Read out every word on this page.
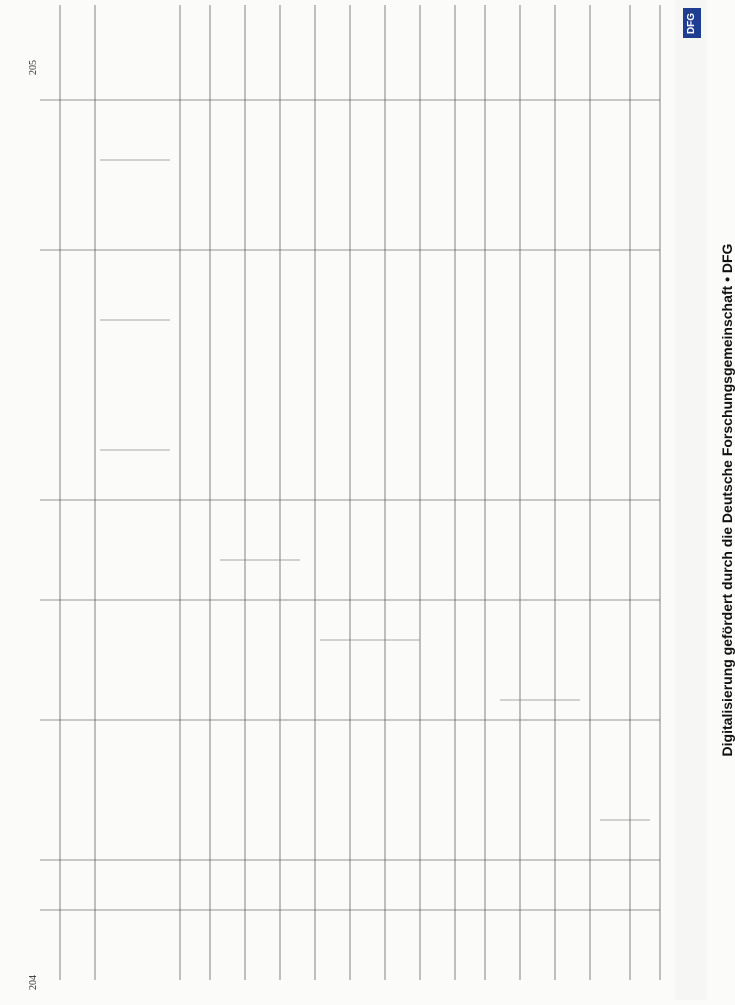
204
205
DFG
Digitalisierung gefördert durch die Deutsche Forschungsgemeinschaft • DFG
